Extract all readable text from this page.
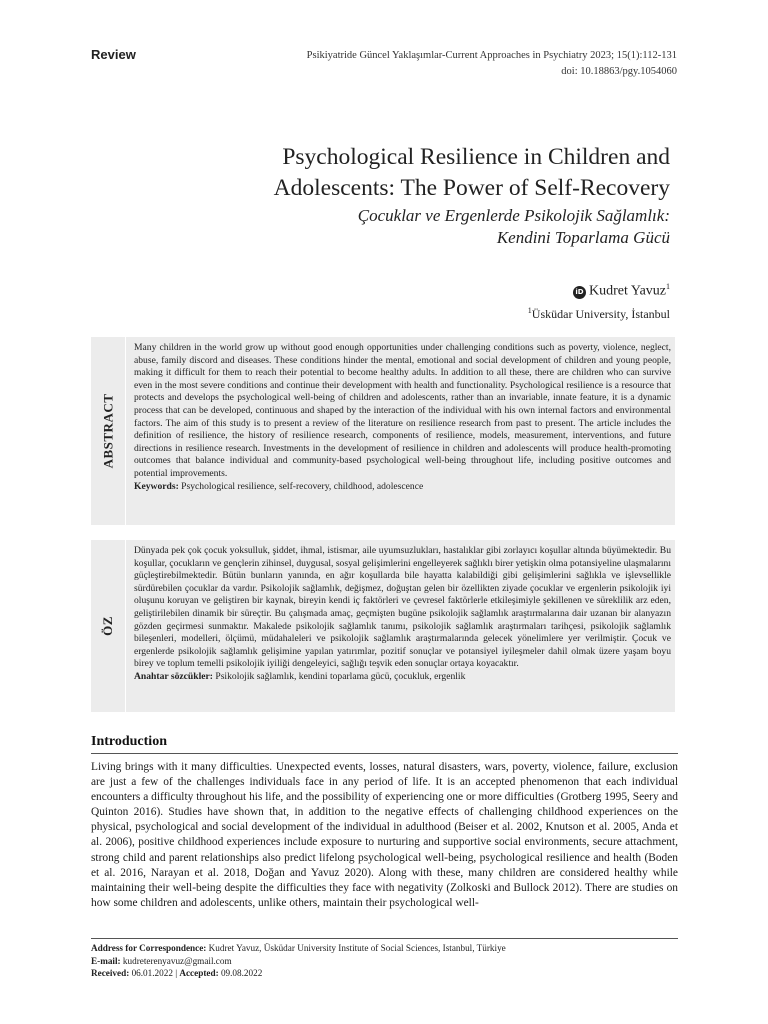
Review	Psikiyatride Güncel Yaklaşımlar-Current Approaches in Psychiatry 2023; 15(1):112-131
doi: 10.18863/pgy.1054060
Psychological Resilience in Children and
Adolescents: The Power of Self-Recovery
Çocuklar ve Ergenlerde Psikolojik Sağlamlık:
Kendini Toparlama Gücü
iD Kudret Yavuz$^1$
$^1$Üsküdar University, İstanbul
ABSTRACT
Many children in the world grow up without good enough opportunities under challenging conditions such as poverty, violence, neglect, abuse, family discord and diseases. These conditions hinder the mental, emotional and social development of children and young people, making it difficult for them to reach their potential to become healthy adults. In addition to all these, there are children who can survive even in the most severe conditions and continue their development with health and functionality. Psychological resilience is a resource that protects and develops the psychological well-being of children and adolescents, rather than an invariable, innate feature, it is a dynamic process that can be developed, continuous and shaped by the interaction of the individual with his own internal factors and environmental factors. The aim of this study is to present a review of the literature on resilience research from past to present. The article includes the definition of resilience, the history of resilience research, components of resilience, models, measurement, interventions, and future directions in resilience research. Investments in the development of resilience in children and adolescents will produce health-promoting outcomes that balance individual and community-based psychological well-being throughout life, including positive outcomes and potential improvements.
Keywords: Psychological resilience, self-recovery, childhood, adolescence
ÖZ
Dünyada pek çok çocuk yoksulluk, şiddet, ihmal, istismar, aile uyumsuzlukları, hastalıklar gibi zorlayıcı koşullar altında büyümektedir. Bu koşullar, çocukların ve gençlerin zihinsel, duygusal, sosyal gelişimlerini engelleyerek sağlıklı birer yetişkin olma potansiyeline ulaşmalarını güçleştirebilmektedir. Bütün bunların yanında, en ağır koşullarda bile hayatta kalabildiği gibi gelişimlerini sağlıkla ve işlevsellikle sürdürebilen çocuklar da vardır. Psikolojik sağlamlık, değişmez, doğuştan gelen bir özellikten ziyade çocuklar ve ergenlerin psikolojik iyi oluşunu koruyan ve geliştiren bir kaynak, bireyin kendi iç faktörleri ve çevresel faktörlerle etkileşimiyle şekillenen ve süreklilik arz eden, geliştirilebilen dinamik bir süreçtir. Bu çalışmada amaç, geçmişten bugüne psikolojik sağlamlık araştırmalarına dair uzanan bir alanyazın gözden geçirmesi sunmaktır. Makalede psikolojik sağlamlık tanımı, psikolojik sağlamlık araştırmaları tarihçesi, psikolojik sağlamlık bileşenleri, modelleri, ölçümü, müdahaleleri ve psikolojik sağlamlık araştırmalarında gelecek yönelimlere yer verilmiştir. Çocuk ve ergenlerde psikolojik sağlamlık gelişimine yapılan yatırımlar, pozitif sonuçlar ve potansiyel iyileşmeler dahil olmak üzere yaşam boyu birey ve toplum temelli psikolojik iyiliği dengeleyici, sağlığı teşvik eden sonuçlar ortaya koyacaktır.
Anahtar sözcükler: Psikolojik sağlamlık, kendini toparlama gücü, çocukluk, ergenlik
Introduction
Living brings with it many difficulties. Unexpected events, losses, natural disasters, wars, poverty, violence, failure, exclusion are just a few of the challenges individuals face in any period of life. It is an accepted phenomenon that each individual encounters a difficulty throughout his life, and the possibility of experiencing one or more difficulties (Grotberg 1995, Seery and Quinton 2016). Studies have shown that, in addition to the negative effects of challenging childhood experiences on the physical, psychological and social development of the individual in adulthood (Beiser et al. 2002, Knutson et al. 2005, Anda et al. 2006), positive childhood experiences include exposure to nurturing and supportive social environments, secure attachment, strong child and parent relationships also predict lifelong psychological well-being, psychological resilience and health (Boden et al. 2016, Narayan et al. 2018, Doğan and Yavuz 2020). Along with these, many children are considered healthy while maintaining their well-being despite the difficulties they face with negativity (Zolkoski and Bullock 2012). There are studies on how some children and adolescents, unlike others, maintain their psychological well-
Address for Correspondence: Kudret Yavuz, Üsküdar University Institute of Social Sciences, Istanbul, Türkiye
E-mail: kudreterenyavuz@gmail.com
Received: 06.01.2022 | Accepted: 09.08.2022
